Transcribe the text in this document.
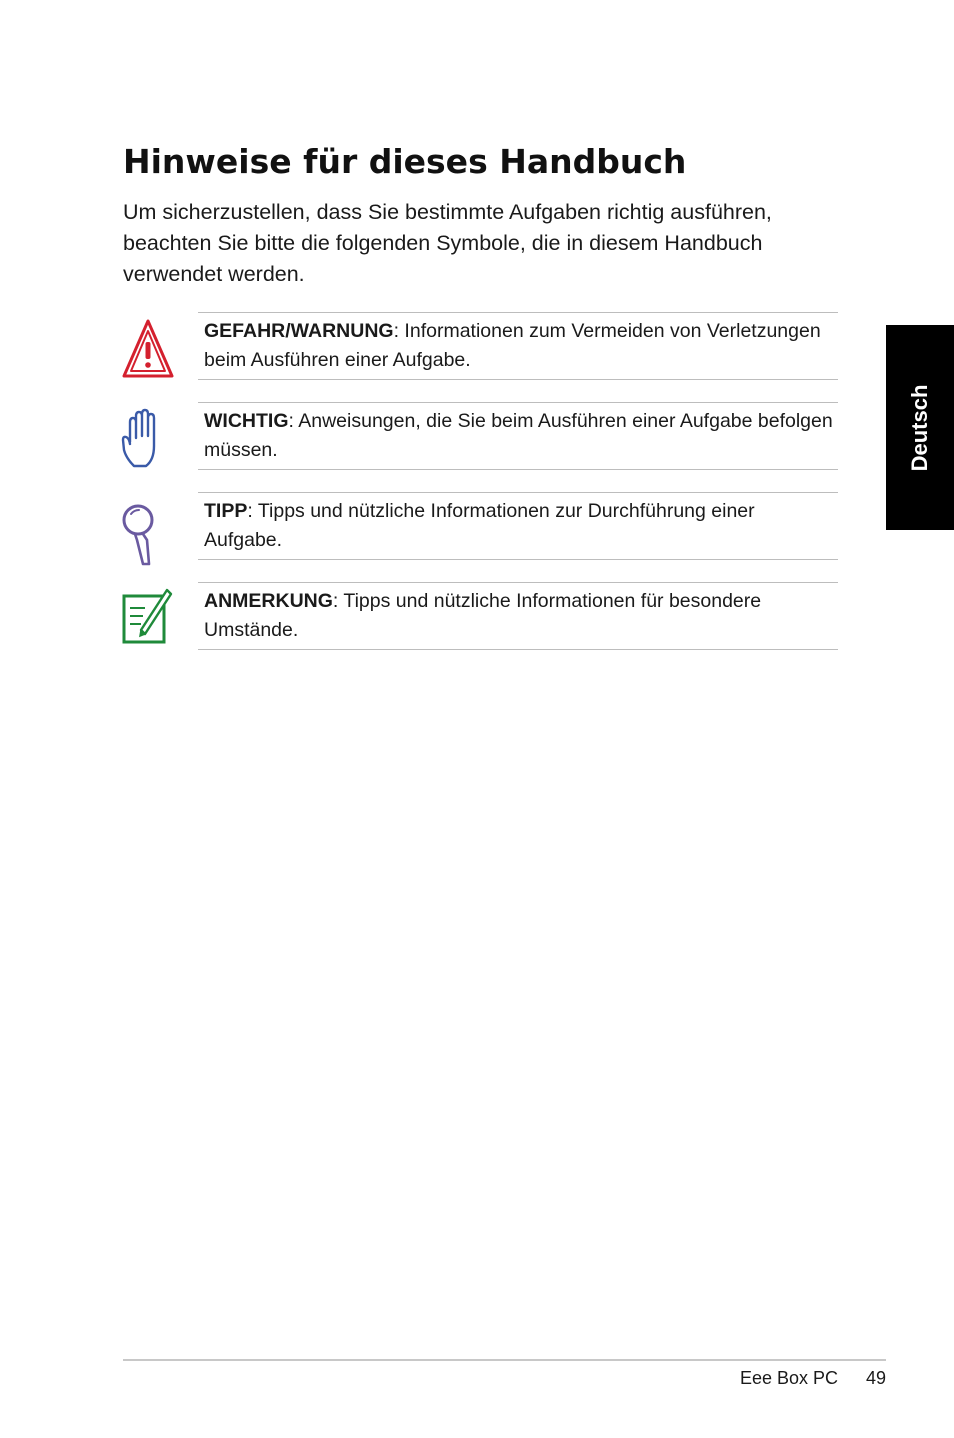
Hinweise für dieses Handbuch

Um sicherzustellen, dass Sie bestimmte Aufgaben richtig ausführen, beachten Sie bitte die folgenden Symbole, die in diesem Handbuch verwendet werden.

GEFAHR/WARNUNG: Informationen zum Vermeiden von Verletzungen beim Ausführen einer Aufgabe.

WICHTIG: Anweisungen, die Sie beim Ausführen einer Aufgabe befolgen müssen.

TIPP: Tipps und nützliche Informationen zur Durchführung einer Aufgabe.

ANMERKUNG: Tipps und nützliche Informationen für besondere Umstände.

Deutsch
Eee Box PC 49
